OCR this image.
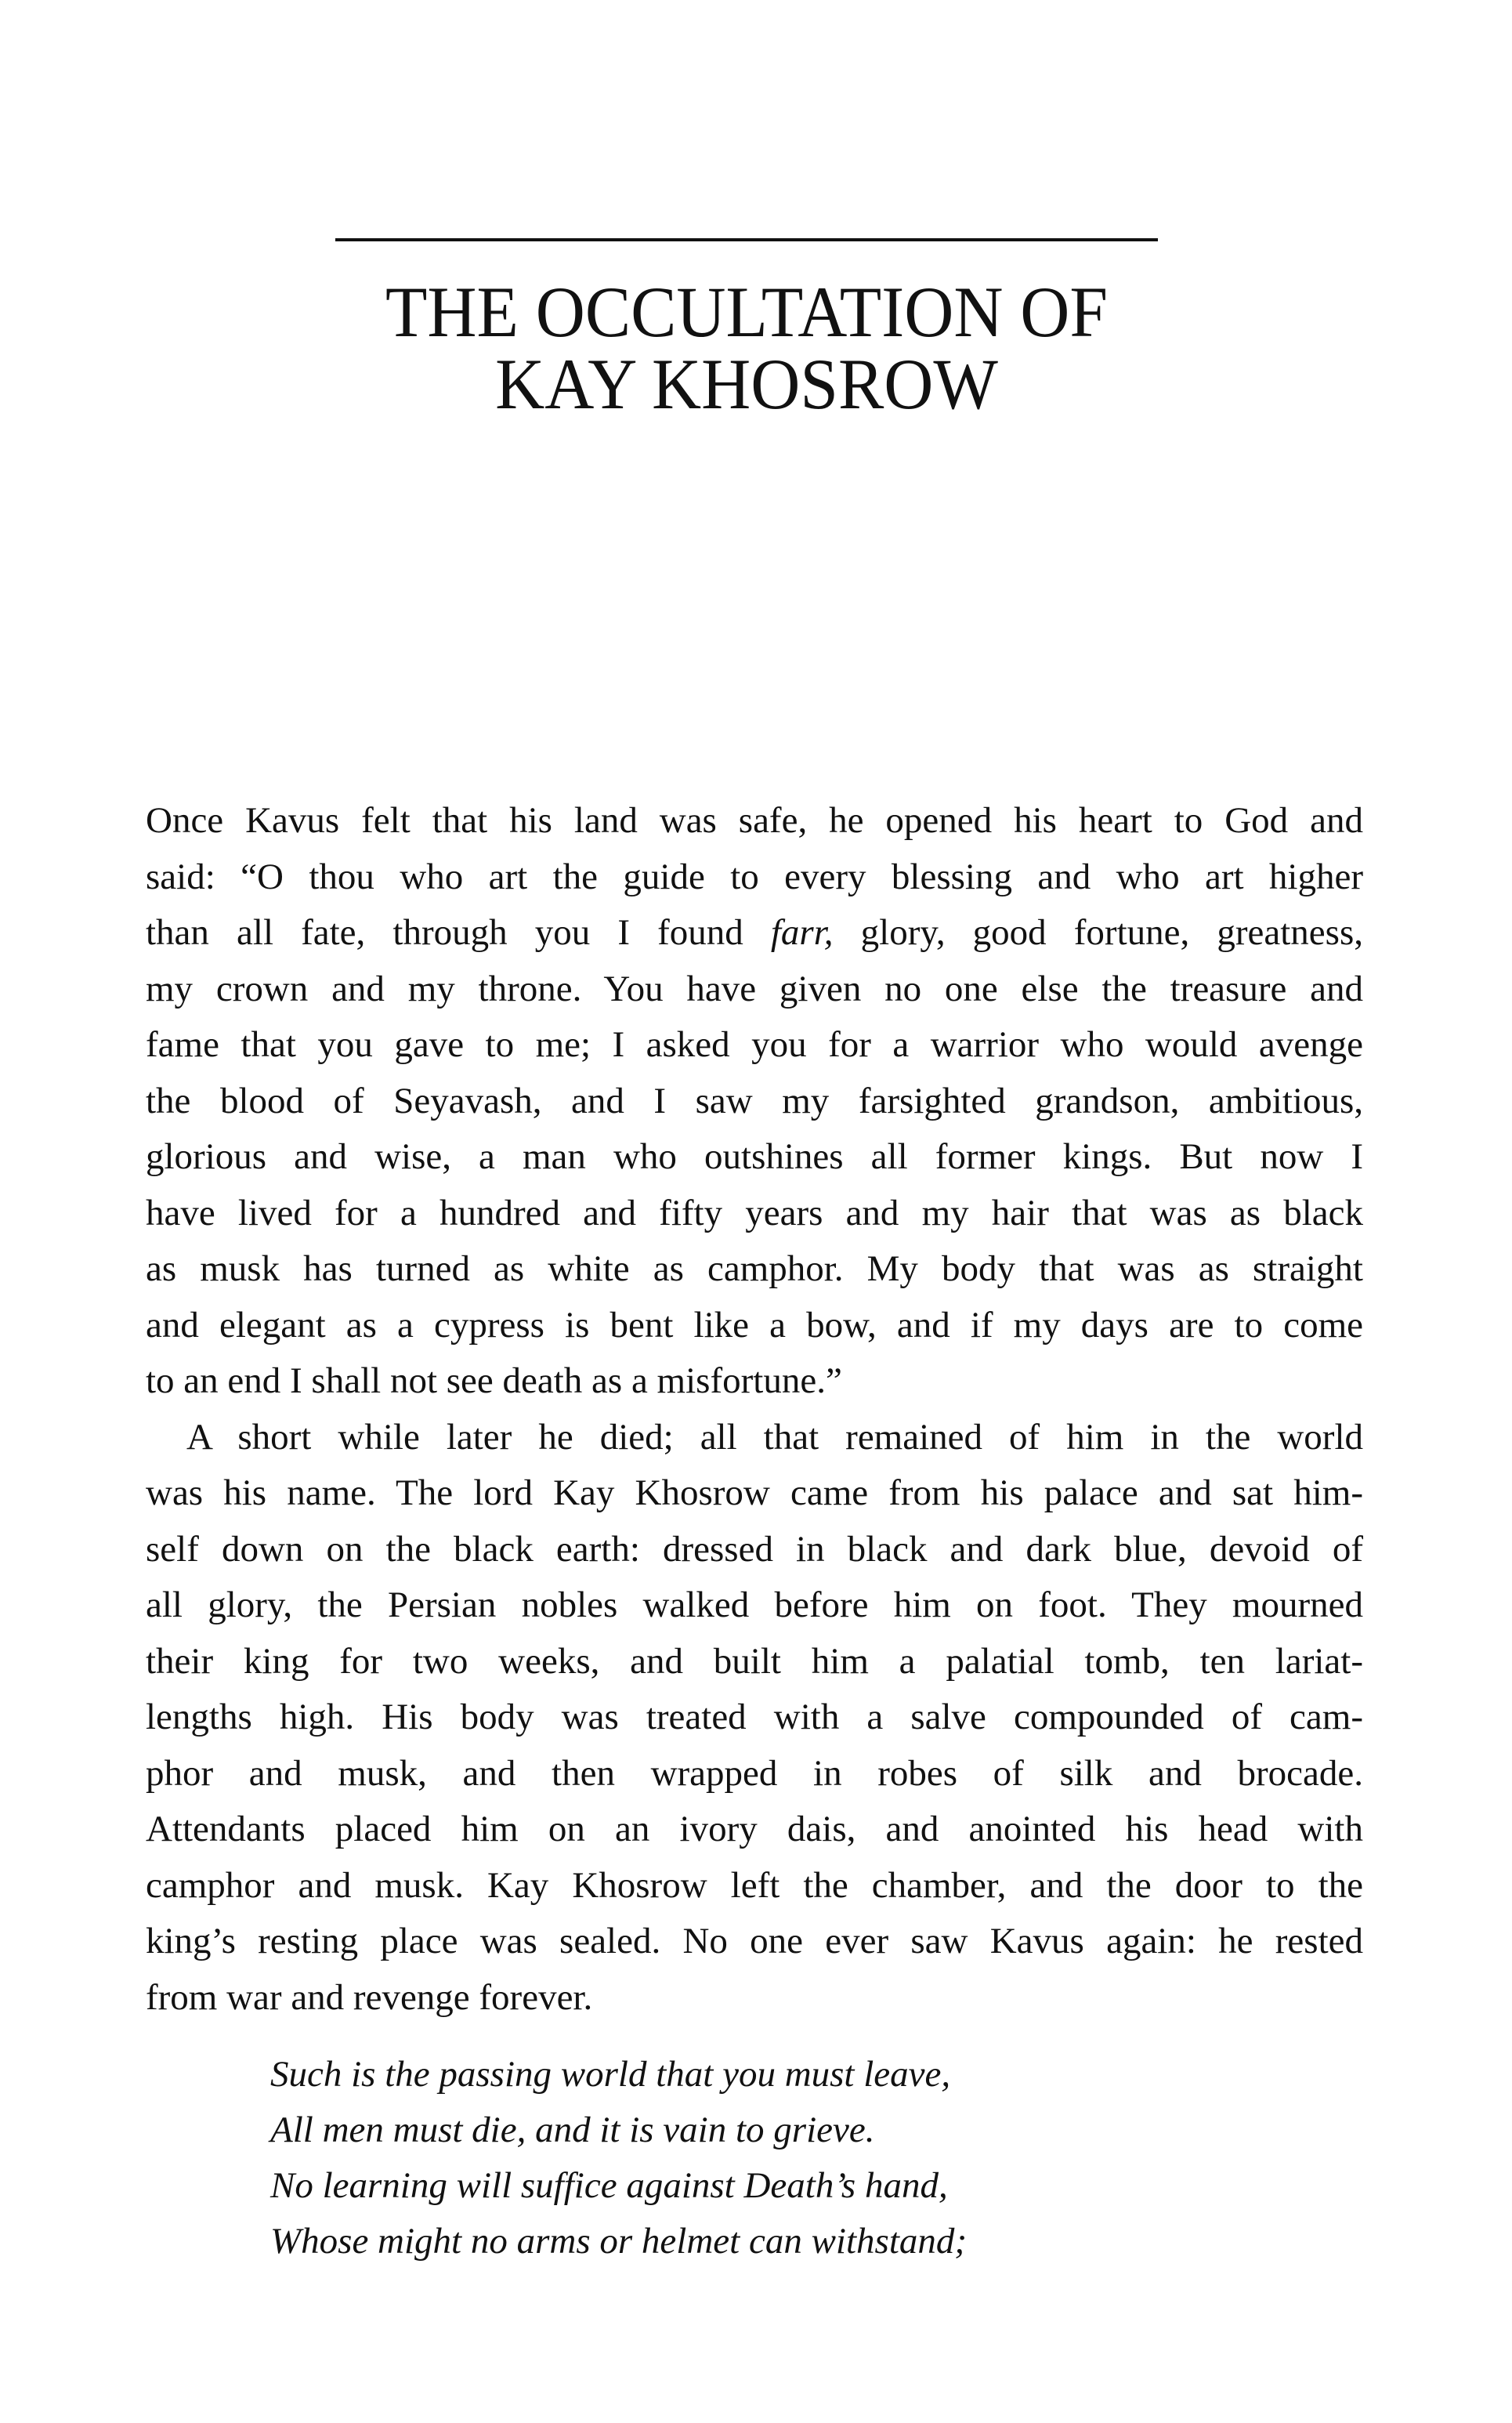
THE OCCULTATION OF
KAY KHOSROW

Once Kavus felt that his land was safe, he opened his heart to God and
said: “O thou who art the guide to every blessing and who art higher
than all fate, through you I found farr, glory, good fortune, greatness,
my crown and my throne. You have given no one else the treasure and
fame that you gave to me; I asked you for a warrior who would avenge
the blood of Seyavash, and I saw my farsighted grandson, ambitious,
glorious and wise, a man who outshines all former kings. But now I
have lived for a hundred and fifty years and my hair that was as black
as musk has turned as white as camphor. My body that was as straight
and elegant as a cypress is bent like a bow, and if my days are to come
to an end I shall not see death as a misfortune.”

A short while later he died; all that remained of him in the world
was his name. The lord Kay Khosrow came from his palace and sat him-
self down on the black earth: dressed in black and dark blue, devoid of
all glory, the Persian nobles walked before him on foot. They mourned
their king for two weeks, and built him a palatial tomb, ten lariat-
lengths high. His body was treated with a salve compounded of cam-
phor and musk, and then wrapped in robes of silk and brocade.
Attendants placed him on an ivory dais, and anointed his head with
camphor and musk. Kay Khosrow left the chamber, and the door to the
king’s resting place was sealed. No one ever saw Kavus again: he rested
from war and revenge forever.

Such is the passing world that you must leave,
All men must die, and it is vain to grieve.
No learning will suffice against Death’s hand,
Whose might no arms or helmet can withstand;
